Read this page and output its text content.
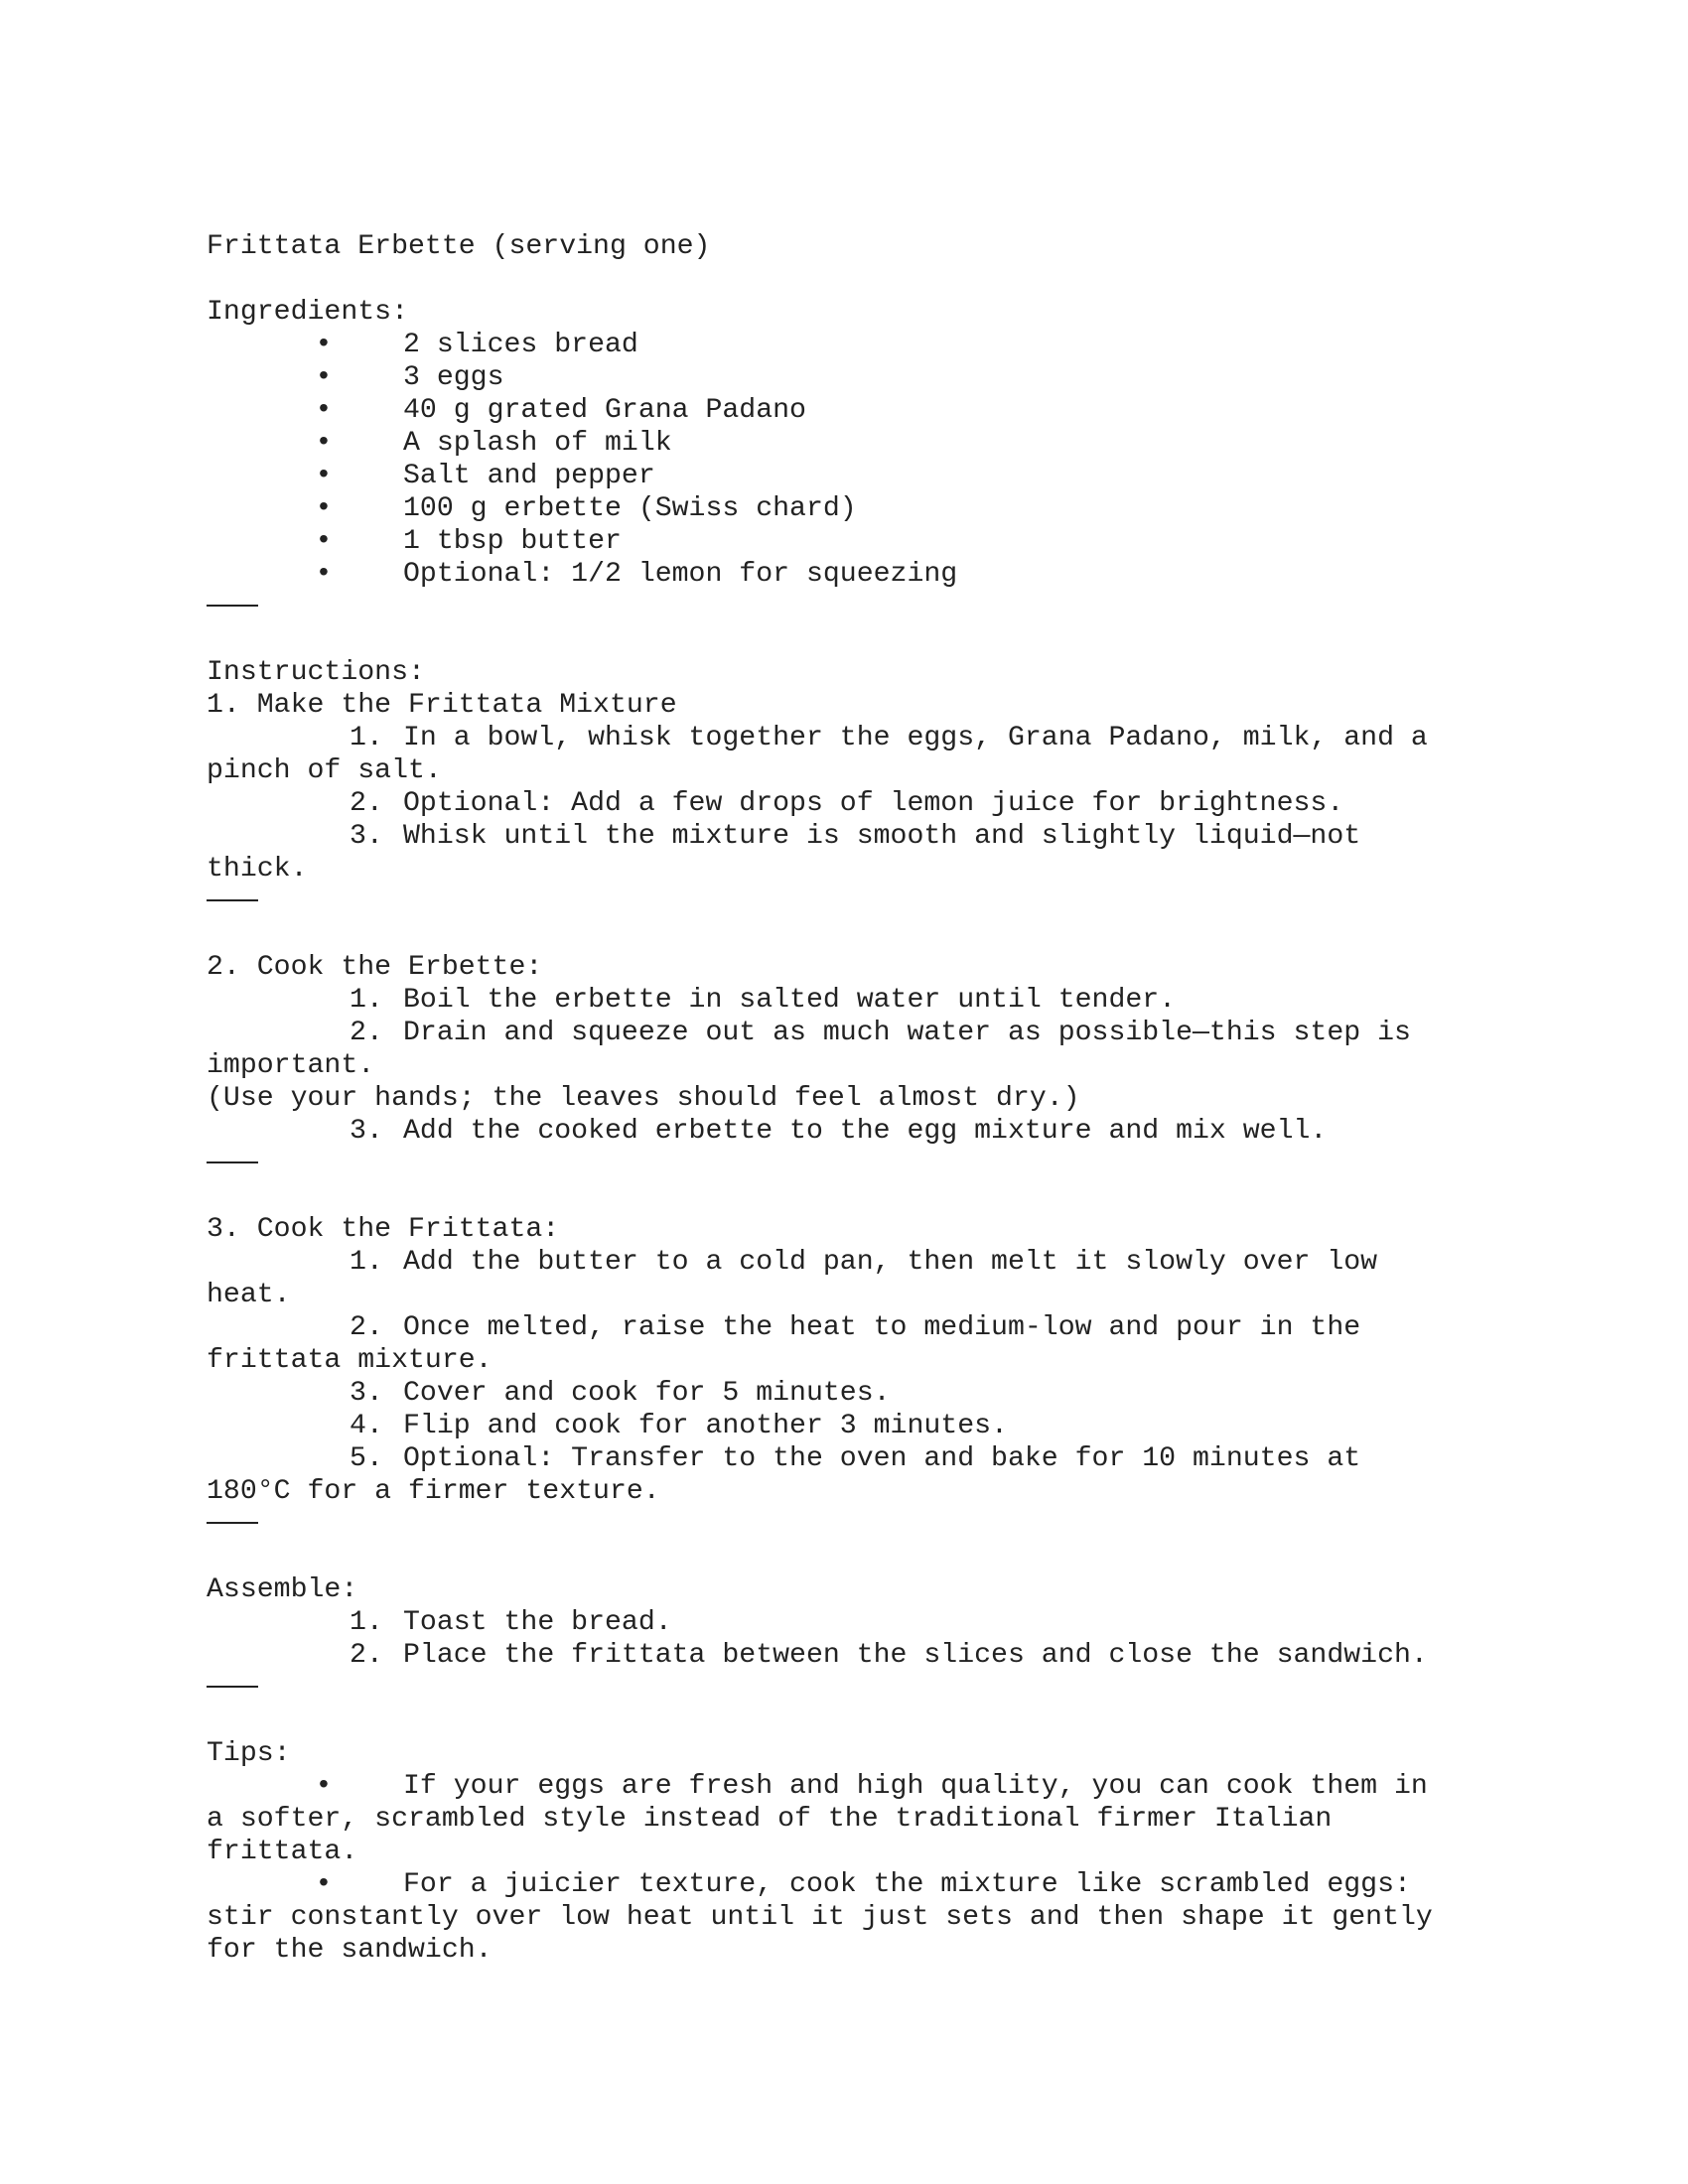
Frittata Erbette (serving one)
Ingredients:
•	2 slices bread
•	3 eggs
•	40 g grated Grana Padano
•	A splash of milk
•	Salt and pepper
•	100 g erbette (Swiss chard)
•	1 tbsp butter
•	Optional: 1/2 lemon for squeezing
Instructions:
1. Make the Frittata Mixture
1. In a bowl, whisk together the eggs, Grana Padano, milk, and a
pinch of salt.
2. Optional: Add a few drops of lemon juice for brightness.
3. Whisk until the mixture is smooth and slightly liquid—not
thick.
2. Cook the Erbette:
1. Boil the erbette in salted water until tender.
2. Drain and squeeze out as much water as possible—this step is
important.
(Use your hands; the leaves should feel almost dry.)
3. Add the cooked erbette to the egg mixture and mix well.
3. Cook the Frittata:
1. Add the butter to a cold pan, then melt it slowly over low
heat.
2. Once melted, raise the heat to medium-low and pour in the
frittata mixture.
3. Cover and cook for 5 minutes.
4. Flip and cook for another 3 minutes.
5. Optional: Transfer to the oven and bake for 10 minutes at
180°C for a firmer texture.
Assemble:
1. Toast the bread.
2. Place the frittata between the slices and close the sandwich.
Tips:
•	If your eggs are fresh and high quality, you can cook them in
a softer, scrambled style instead of the traditional firmer Italian
frittata.
•	For a juicier texture, cook the mixture like scrambled eggs:
stir constantly over low heat until it just sets and then shape it gently
for the sandwich.
